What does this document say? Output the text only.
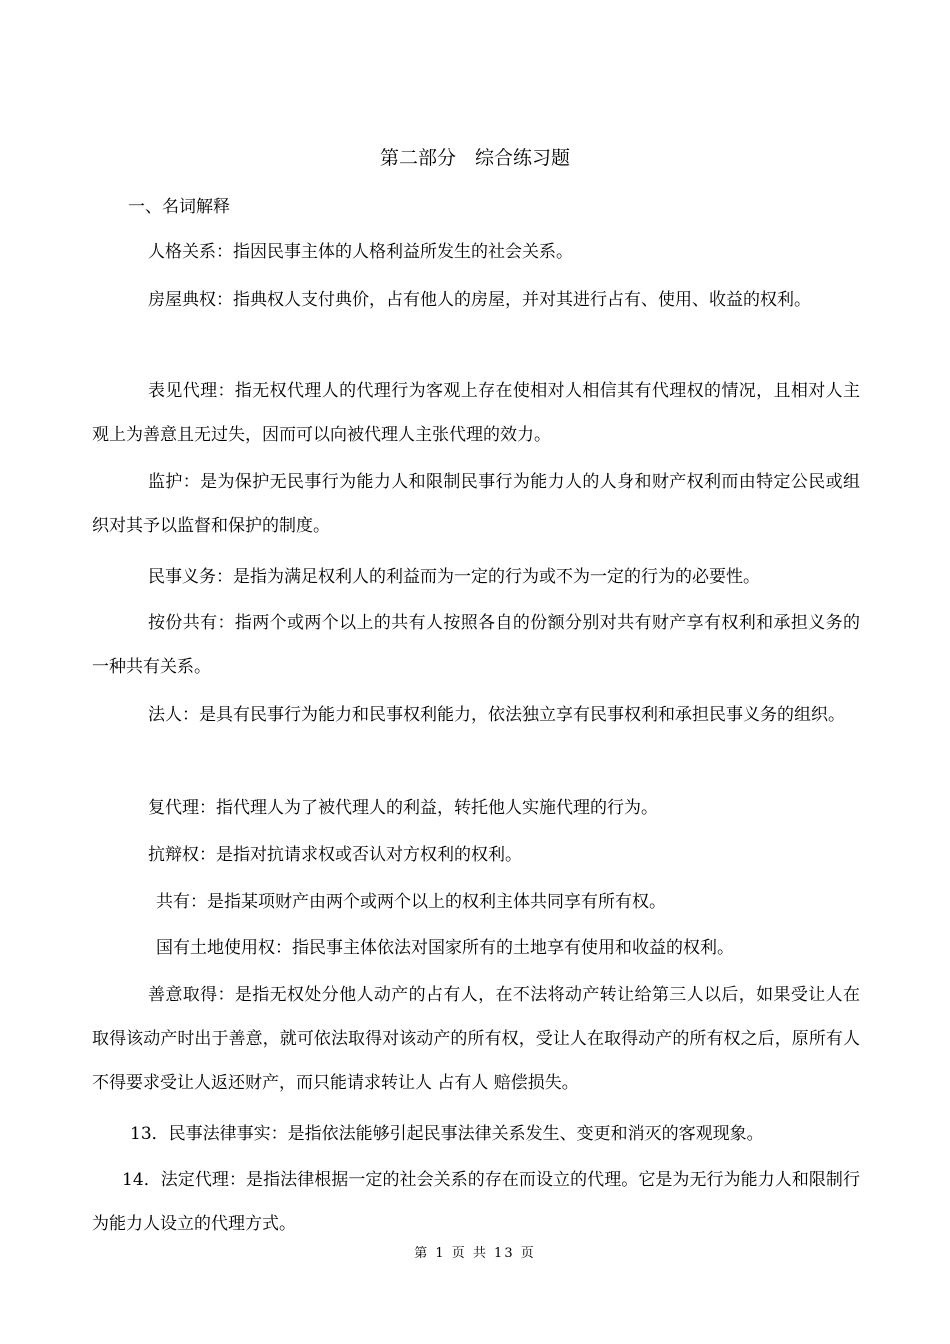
第二部分　综合练习题
一、名词解释
人格关系：指因民事主体的人格利益所发生的社会关系。
房屋典权：指典权人支付典价，占有他人的房屋，并对其进行占有、使用、收益的权利。
表见代理：指无权代理人的代理行为客观上存在使相对人相信其有代理权的情况，且相对人主观上为善意且无过失，因而可以向被代理人主张代理的效力。
监护：是为保护无民事行为能力人和限制民事行为能力人的人身和财产权利而由特定公民或组织对其予以监督和保护的制度。
民事义务：是指为满足权利人的利益而为一定的行为或不为一定的行为的必要性。
按份共有：指两个或两个以上的共有人按照各自的份额分别对共有财产享有权利和承担义务的一种共有关系。
法人：是具有民事行为能力和民事权利能力，依法独立享有民事权利和承担民事义务的组织。
复代理：指代理人为了被代理人的利益，转托他人实施代理的行为。
抗辩权：是指对抗请求权或否认对方权利的权利。
共有：是指某项财产由两个或两个以上的权利主体共同享有所有权。
国有土地使用权：指民事主体依法对国家所有的土地享有使用和收益的权利。
善意取得：是指无权处分他人动产的占有人，在不法将动产转让给第三人以后，如果受让人在取得该动产时出于善意，就可依法取得对该动产的所有权，受让人在取得动产的所有权之后，原所有人不得要求受让人返还财产，而只能请求转让人 占有人 赔偿损失。
13．民事法律事实：是指依法能够引起民事法律关系发生、变更和消灭的客观现象。
14．法定代理：是指法律根据一定的社会关系的存在而设立的代理。它是为无行为能力人和限制行为能力人设立的代理方式。
第 1 页 共 13 页
